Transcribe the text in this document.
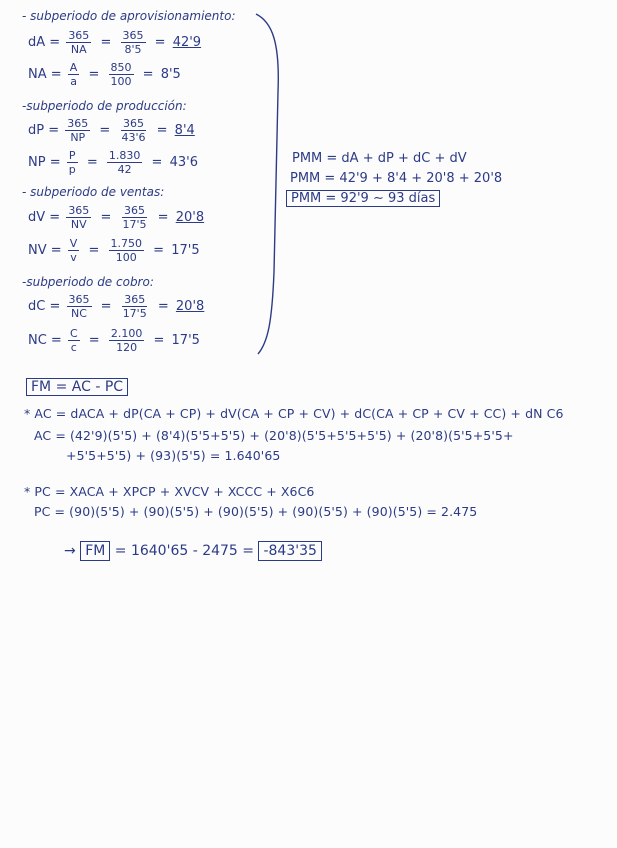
- subperiodo de aprovisionamiento:
dA = $\frac{365}{NA} = \frac{365}{8'5} = 42'9$
NA = $\frac{A}{a} = \frac{850}{100} = 8'5$
-subperiodo de producción:
dP = $\frac{365}{NP} = \frac{365}{43'6} = 8'4$
NP = $\frac{P}{p} = \frac{1.830}{42} = 43'6$
- subperiodo de ventas:
dV = $\frac{365}{NV} = \frac{365}{17'5} = 20'8$
NV = $\frac{V}{v} = \frac{1.750}{100} = 17'5$
-subperiodo de cobro:
dC = $\frac{365}{NC} = \frac{365}{17'5} = 20'8$
NC = $\frac{C}{c} = \frac{2.100}{120} = 17'5$
PMM = dA + dP + dC + dV
PMM = 42'9 + 8'4 + 20'8 + 20'8
PMM = 92'9 ∼ 93 días
FM = AC - PC
* AC = dACA + dP(CA + CP) + dV(CA + CP + CV) + dC(CA + CP + CV + CC) + dN C6
AC = (42'9)(5'5) + (8'4)(5'5+5'5) + (20'8)(5'5+5'5+5'5) + (20'8)(5'5+5'5+
+5'5+5'5) + (93)(5'5) = 1.640'65
* PC = XACA + XPCP + XVCV + XCCC + X6C6
PC = (90)(5'5) + (90)(5'5) + (90)(5'5) + (90)(5'5) + (90)(5'5) = 2.475
→ FM = 1640'65 - 2475 = -843'35
